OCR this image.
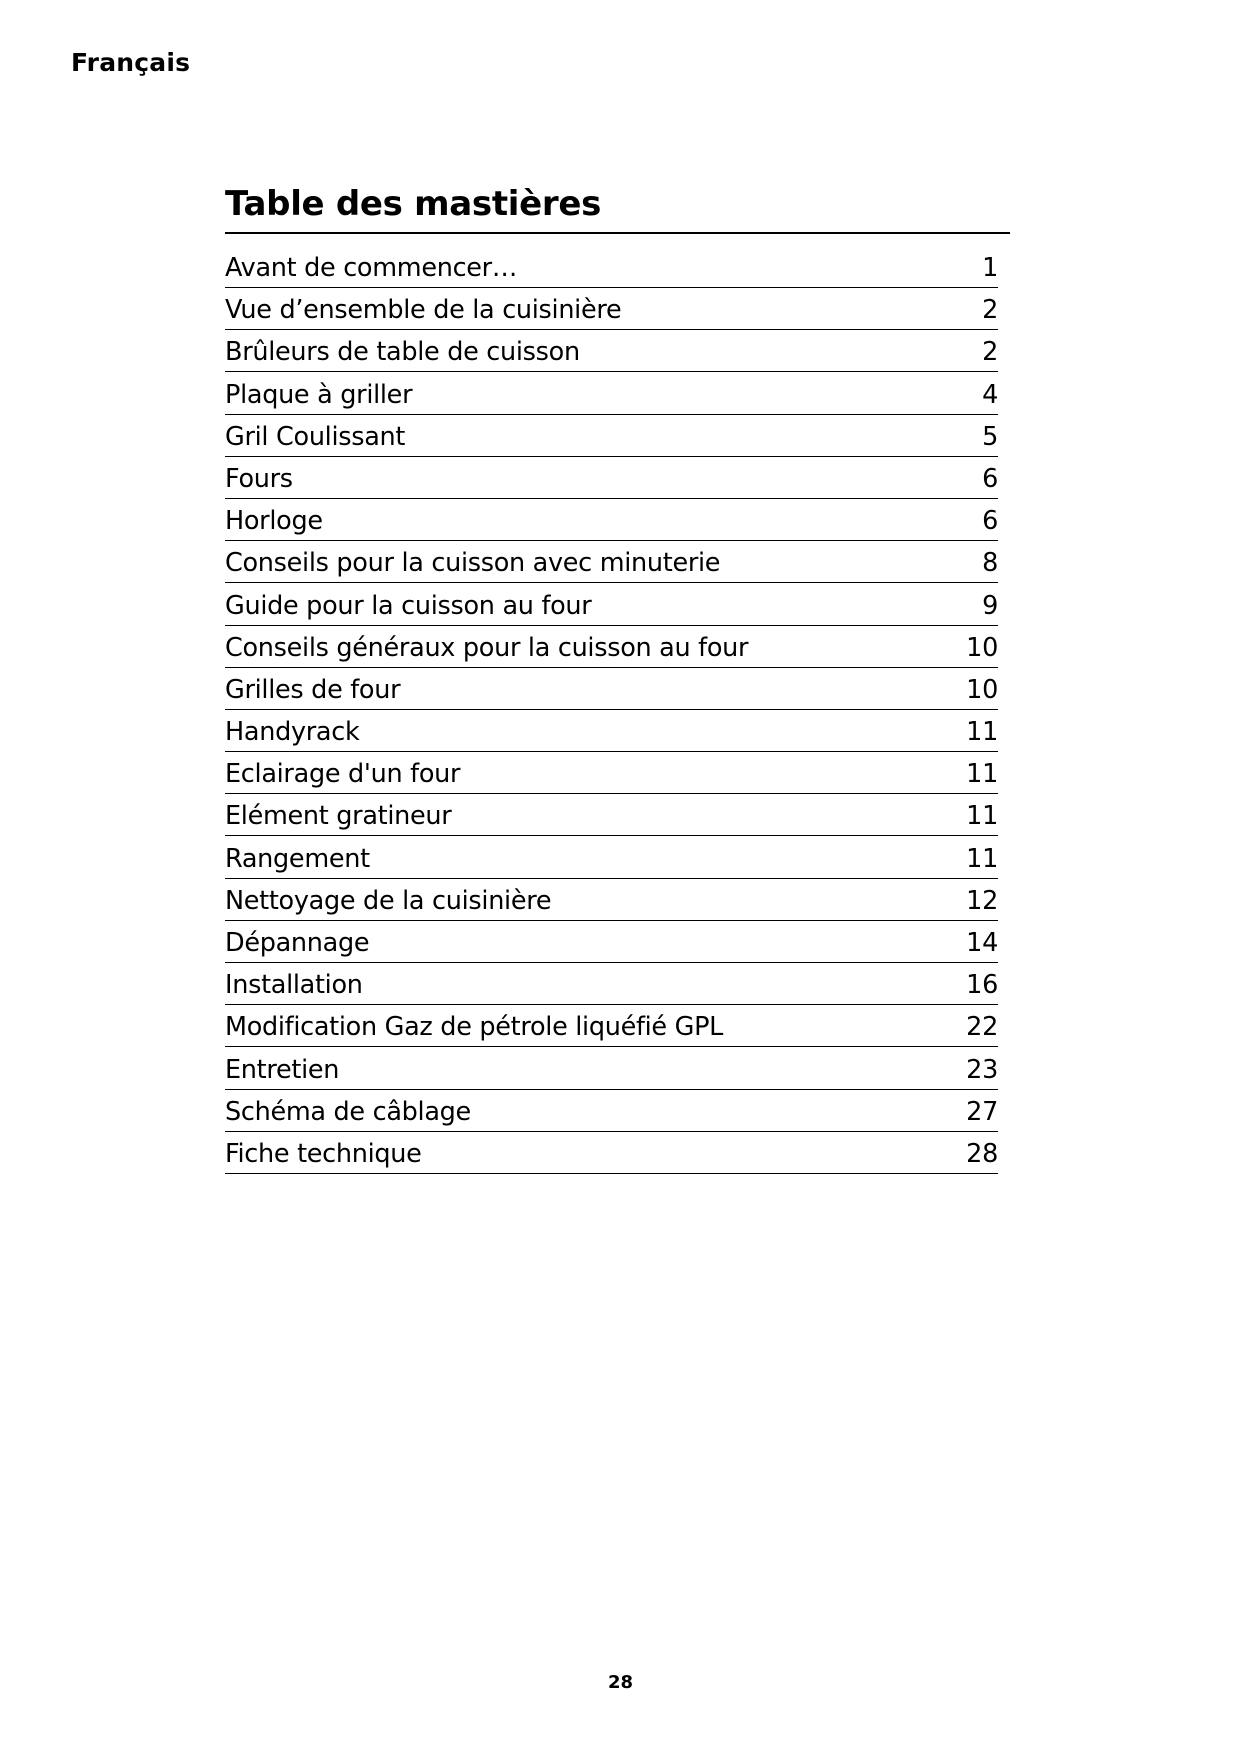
Français
Table des mastières
Avant de commencer…	1
Vue d’ensemble de la cuisinière	2
Brûleurs de table de cuisson	2
Plaque à griller	4
Gril Coulissant	5
Fours	6
Horloge	6
Conseils pour la cuisson avec minuterie	8
Guide pour la cuisson au four	9
Conseils généraux pour la cuisson au four	10
Grilles de four	10
Handyrack	11
Eclairage d'un four	11
Elément gratineur	11
Rangement	11
Nettoyage de la cuisinière	12
Dépannage	14
Installation	16
Modification Gaz de pétrole liquéfié GPL	22
Entretien	23
Schéma de câblage	27
Fiche technique	28
28
